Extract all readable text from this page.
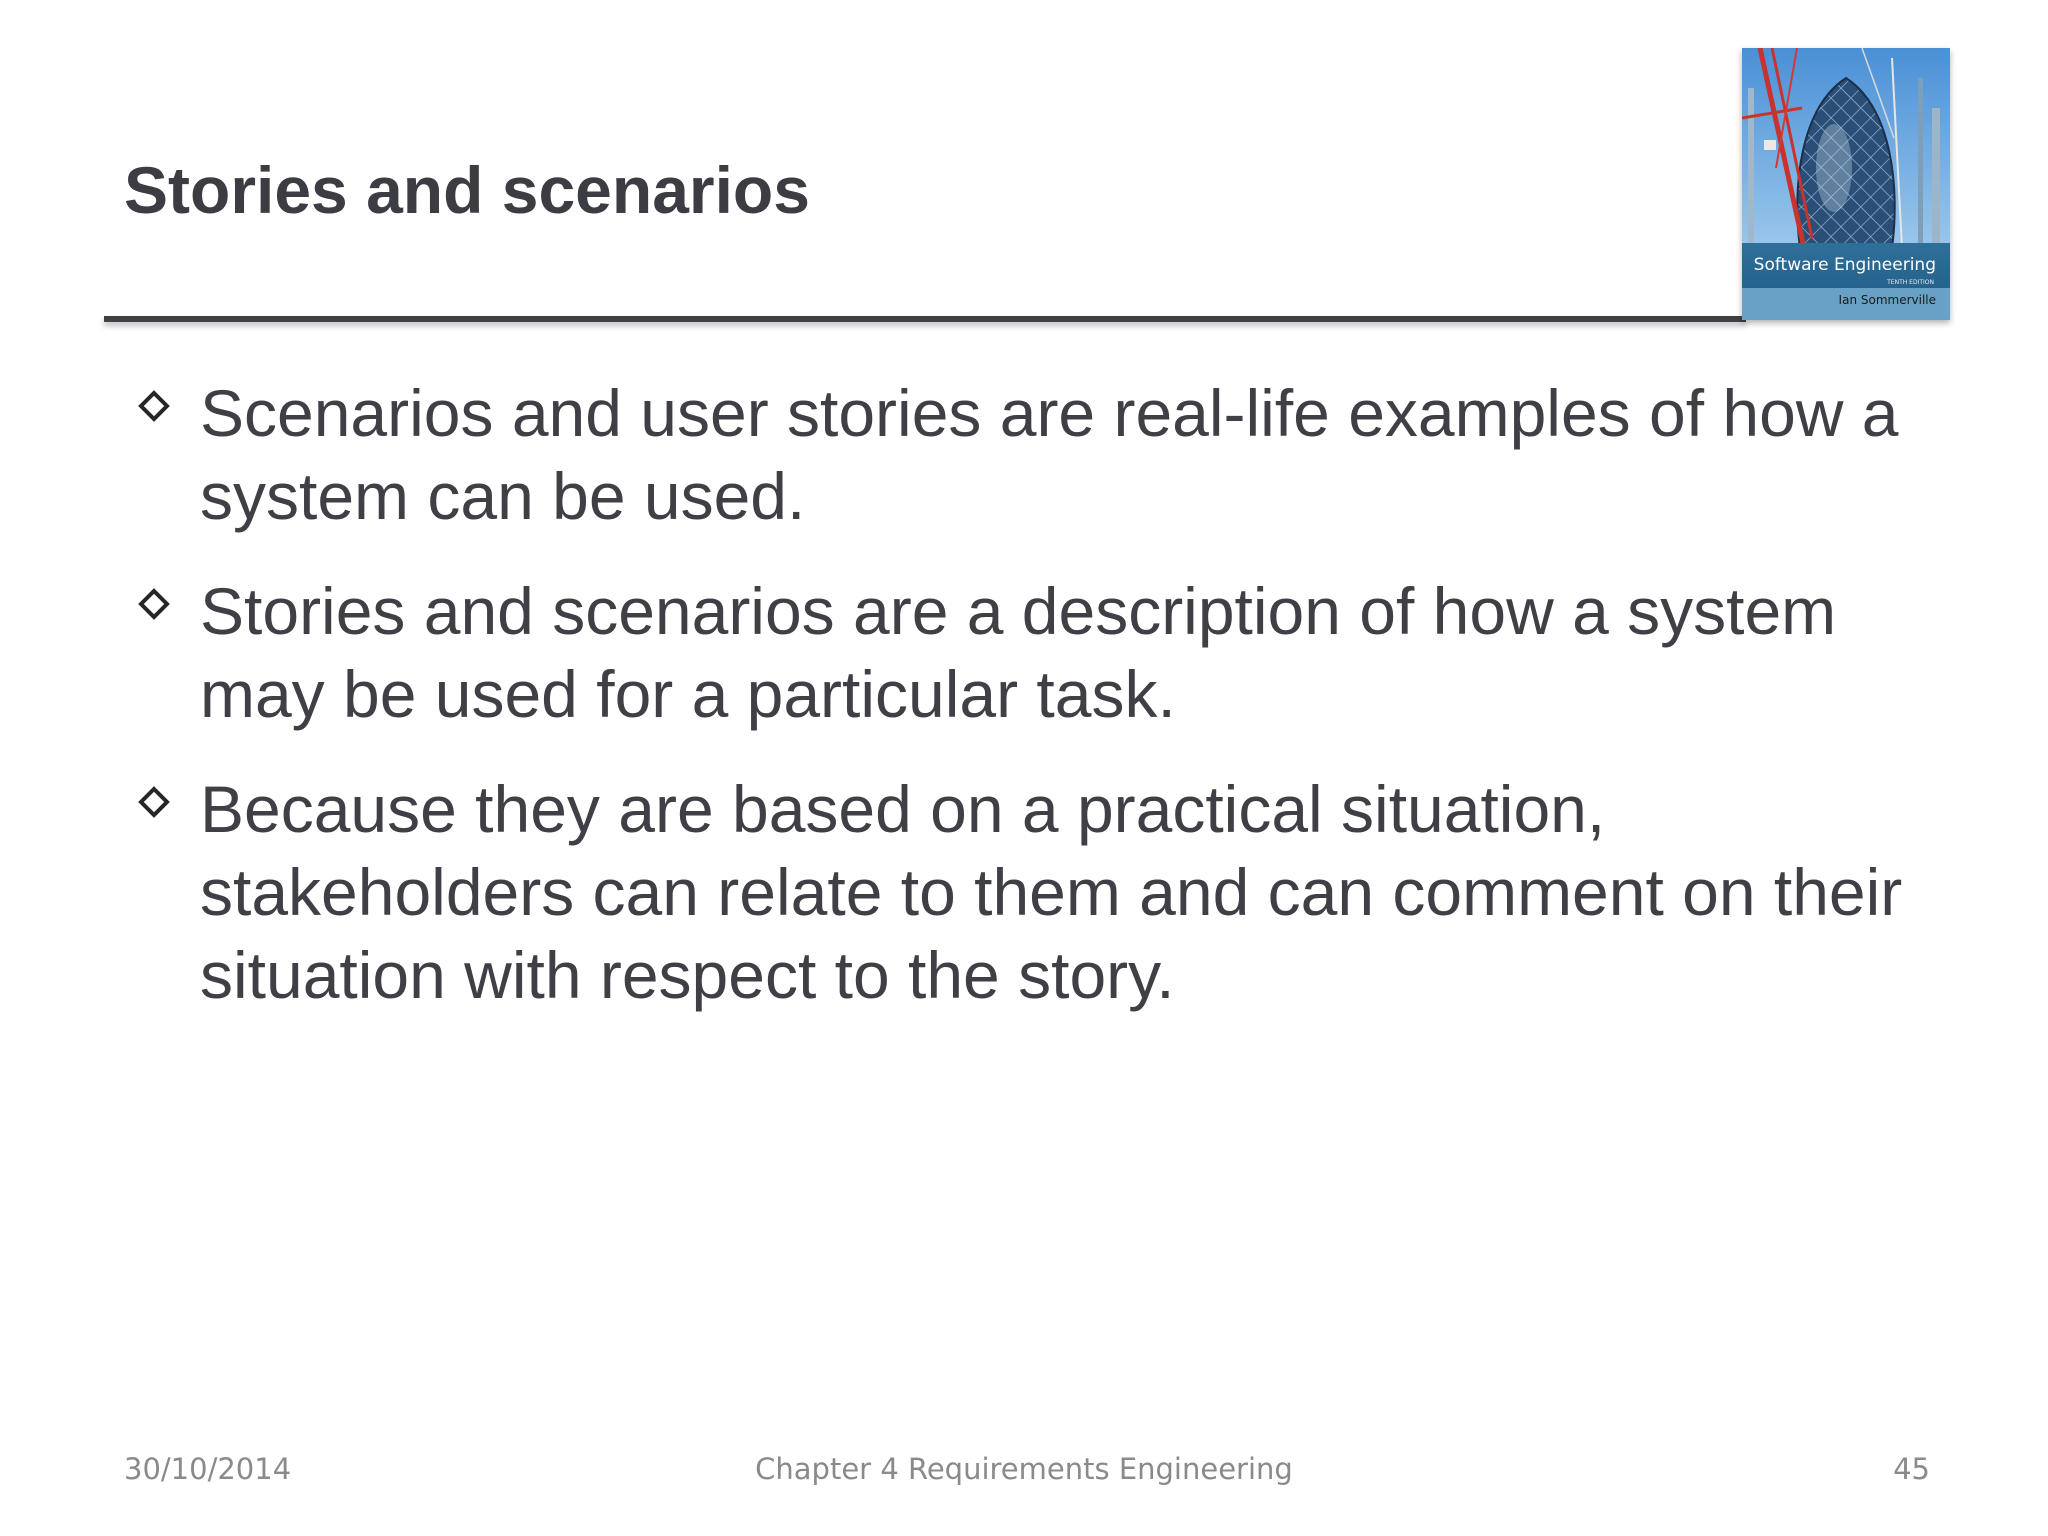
Stories and scenarios
Software Engineering
TENTH EDITION
Ian Sommerville
Scenarios and user stories are real-life examples of how a system can be used.
Stories and scenarios are a description of how a system may be used for a particular task.
Because they are based on a practical situation, stakeholders can relate to them and can comment on their situation with respect to the story.
30/10/2014	Chapter 4 Requirements Engineering	45
